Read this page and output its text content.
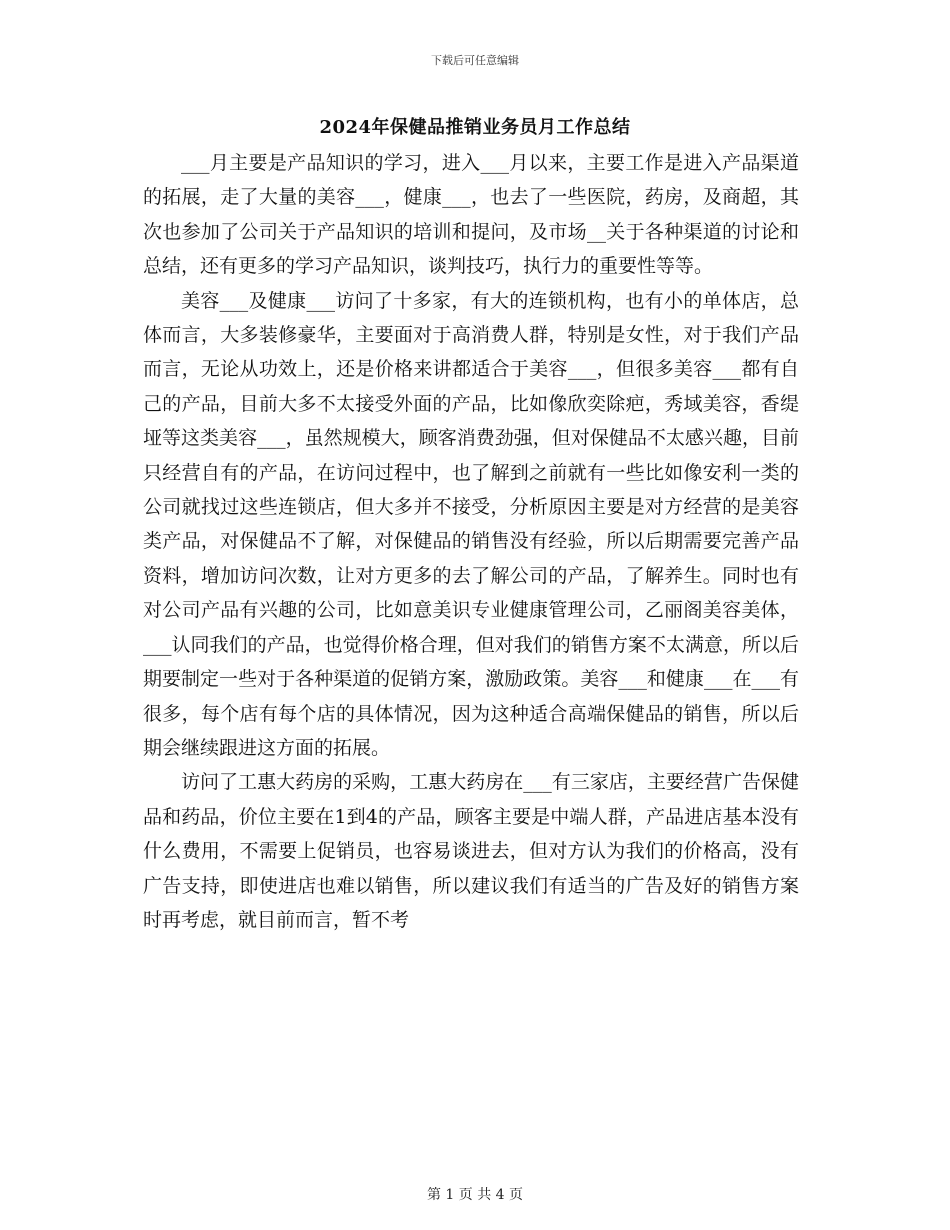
下载后可任意编辑
2024年保健品推销业务员月工作总结

___月主要是产品知识的学习，进入___月以来，主要工作是进入产品渠道的拓展，走了大量的美容___，健康___，也去了一些医院，药房，及商超，其次也参加了公司关于产品知识的培训和提问，及市场__关于各种渠道的讨论和总结，还有更多的学习产品知识，谈判技巧，执行力的重要性等等。

美容___及健康___访问了十多家，有大的连锁机构，也有小的单体店，总体而言，大多装修豪华，主要面对于高消费人群，特别是女性，对于我们产品而言，无论从功效上，还是价格来讲都适合于美容___，但很多美容___都有自己的产品，目前大多不太接受外面的产品，比如像欣奕除疤，秀域美容，香缇垭等这类美容___，虽然规模大，顾客消费劲强，但对保健品不太感兴趣，目前只经营自有的产品，在访问过程中，也了解到之前就有一些比如像安利一类的公司就找过这些连锁店，但大多并不接受，分析原因主要是对方经营的是美容类产品，对保健品不了解，对保健品的销售没有经验，所以后期需要完善产品资料，增加访问次数，让对方更多的去了解公司的产品，了解养生。同时也有对公司产品有兴趣的公司，比如意美识专业健康管理公司，乙丽阁美容美体，___认同我们的产品，也觉得价格合理，但对我们的销售方案不太满意，所以后期要制定一些对于各种渠道的促销方案，激励政策。美容___和健康___在___有很多，每个店有每个店的具体情况，因为这种适合高端保健品的销售，所以后期会继续跟进这方面的拓展。

访问了工惠大药房的采购，工惠大药房在___有三家店，主要经营广告保健品和药品，价位主要在1到4的产品，顾客主要是中端人群，产品进店基本没有什么费用，不需要上促销员，也容易谈进去，但对方认为我们的价格高，没有广告支持，即使进店也难以销售，所以建议我们有适当的广告及好的销售方案时再考虑，就目前而言，暂不考

第 1 页 共 4 页
